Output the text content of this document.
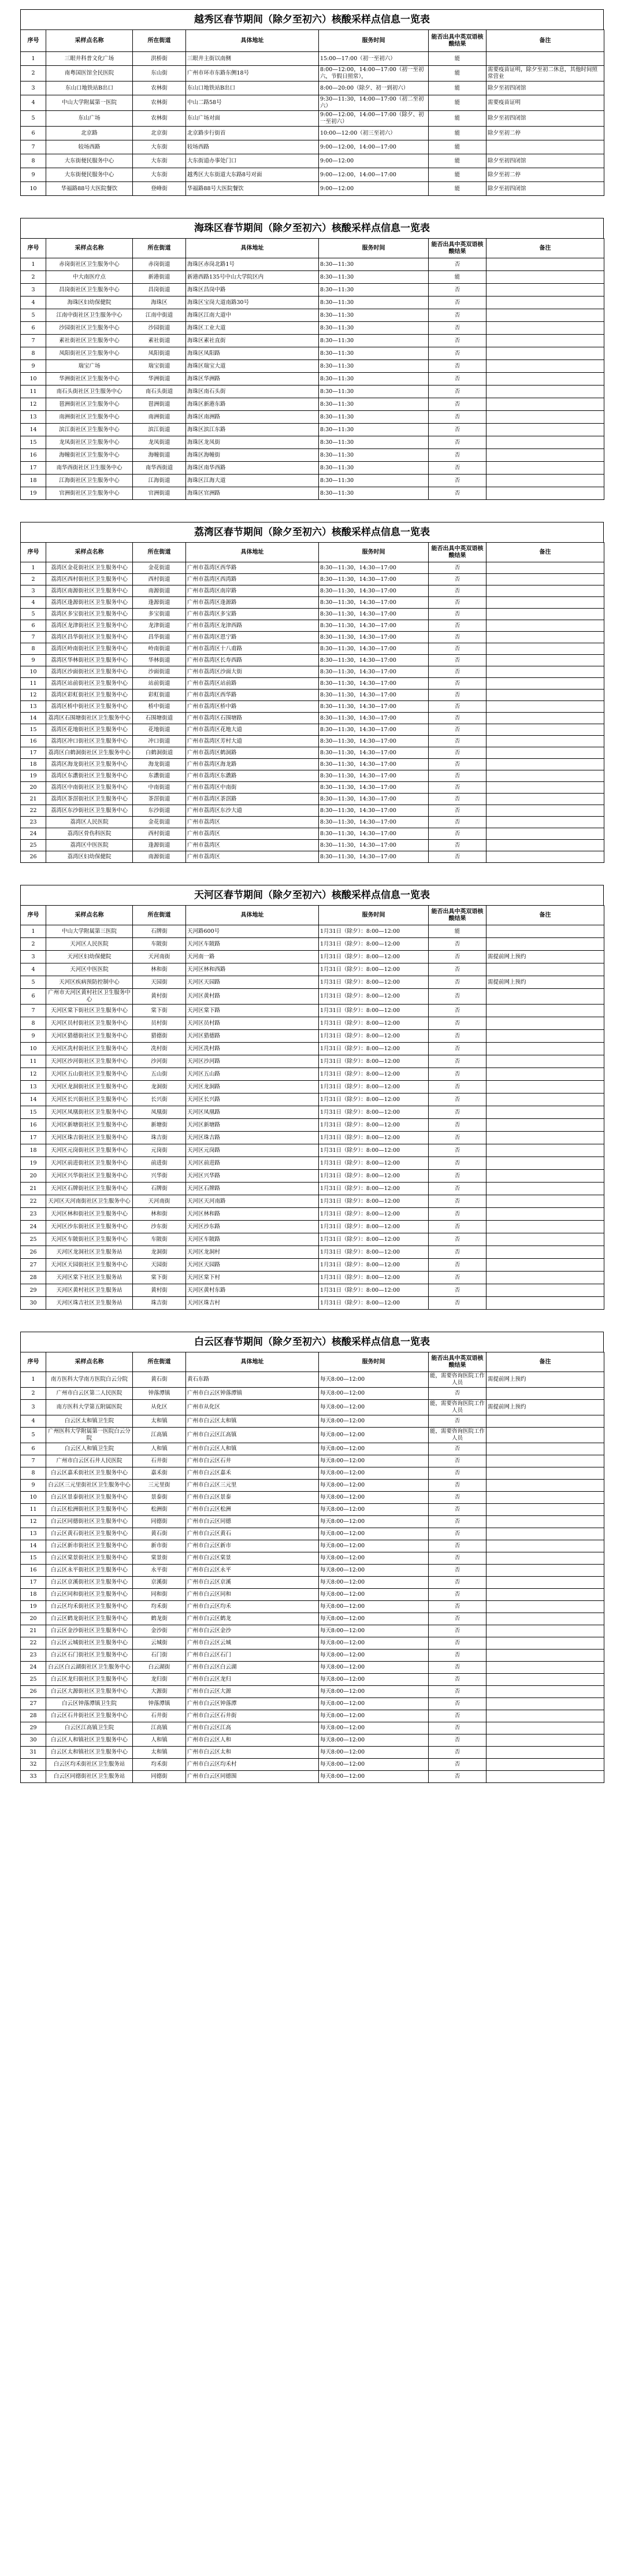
越秀区春节期间（除夕至初六）核酸采样点信息一览表
序号	采样点名称	所在街道	具体地址	服务时间	能否出具中英双语核酸结果	备注
1	三眼井科普文化广场	洪桥街	三眼井主街以南侧	15:00—17:00（初一至初六）	能	
2	南粤国医馆全民医院	东山街	广州市环市东路东侧18号	8:00—12:00，14:00—17:00（初一至初六，节假日照常），	能	需要疫苗证明，除夕至初二休息，其他时间照常营业
3	东山口地铁站B出口	农林街	东山口地铁站B出口	8:00—20:00（除夕、初一到初六）	能	除夕至初四闭馆
4	中山大学附属第一医院	农林街	中山二路58号	9:30—11:30，14:00—17:00（初二至初六）	能	需要疫苗证明
5	东山广场	农林街	东山广场对面	9:00—12:00，14:00—17:00（除夕、初一至初六）	能	除夕至初四闭馆
6	北京路	北京街	北京路步行街首	10:00—12:00（初三至初六）	能	除夕至初二停
7	较场西路	大东街	较场西路	9:00—12:00，14:00—17:00	能	
8	大东街便民服务中心	大东街	大东街道办事处门口	9:00—12:00	能	除夕至初四闭馆
9	大东街便民服务中心	大东街	越秀区大东街道大东路8号对面	9:00—12:00，14:00—17:00	能	除夕至初二停
10	华福路88号大医院餐饮	登峰街	华福路88号大医院餐饮	9:00—12:00	能	除夕至初四闭馆
海珠区春节期间（除夕至初六）核酸采样点信息一览表
序号	采样点名称	所在街道	具体地址	服务时间	能否出具中英双语核酸结果	备注
1	赤岗街社区卫生服务中心	赤岗街道	海珠区赤岗北路1号	8:30—11:30	否	
2	中大南医疗点	新港街道	新港西路135号中山大学院区内	8:30—11:30	能	
3	昌岗街社区卫生服务中心	昌岗街道	海珠区昌岗中路	8:30—11:30	否	
4	海珠区妇幼保健院	海珠区	海珠区宝岗大道南路30号	8:30—11:30	否	
5	江南中街社区卫生服务中心	江南中街道	海珠区江南大道中	8:30—11:30	否	
6	沙园街社区卫生服务中心	沙园街道	海珠区工业大道	8:30—11:30	否	
7	素社街社区卫生服务中心	素社街道	海珠区素社直街	8:30—11:30	否	
8	凤阳街社区卫生服务中心	凤阳街道	海珠区凤阳路	8:30—11:30	否	
9	瑞宝广场	瑞宝街道	海珠区瑞宝大道	8:30—11:30	否	
10	华洲街社区卫生服务中心	华洲街道	海珠区华洲路	8:30—11:30	否	
11	南石头街社区卫生服务中心	南石头街道	海珠区南石头街	8:30—11:30	否	
12	琶洲街社区卫生服务中心	琶洲街道	海珠区新港东路	8:30—11:30	否	
13	南洲街社区卫生服务中心	南洲街道	海珠区南洲路	8:30—11:30	否	
14	滨江街社区卫生服务中心	滨江街道	海珠区滨江东路	8:30—11:30	否	
15	龙凤街社区卫生服务中心	龙凤街道	海珠区龙凤街	8:30—11:30	否	
16	海幢街社区卫生服务中心	海幢街道	海珠区海幢街	8:30—11:30	否	
17	南华西街社区卫生服务中心	南华西街道	海珠区南华西路	8:30—11:30	否	
18	江海街社区卫生服务中心	江海街道	海珠区江海大道	8:30—11:30	否	
19	官洲街社区卫生服务中心	官洲街道	海珠区官洲路	8:30—11:30	否	
荔湾区春节期间（除夕至初六）核酸采样点信息一览表
序号	采样点名称	所在街道	具体地址	服务时间	能否出具中英双语核酸结果	备注
1	荔湾区金花街社区卫生服务中心	金花街道	广州市荔湾区西华路	8:30—11:30，14:30—17:00	否	
2	荔湾区西村街社区卫生服务中心	西村街道	广州市荔湾区西湾路	8:30—11:30，14:30—17:00	否	
3	荔湾区南源街社区卫生服务中心	南源街道	广州市荔湾区南岸路	8:30—11:30，14:30—17:00	否	
4	荔湾区逢源街社区卫生服务中心	逢源街道	广州市荔湾区逢源路	8:30—11:30，14:30—17:00	否	
5	荔湾区多宝街社区卫生服务中心	多宝街道	广州市荔湾区多宝路	8:30—11:30，14:30—17:00	否	
6	荔湾区龙津街社区卫生服务中心	龙津街道	广州市荔湾区龙津西路	8:30—11:30，14:30—17:00	否	
7	荔湾区昌华街社区卫生服务中心	昌华街道	广州市荔湾区恩宁路	8:30—11:30，14:30—17:00	否	
8	荔湾区岭南街社区卫生服务中心	岭南街道	广州市荔湾区十八甫路	8:30—11:30，14:30—17:00	否	
9	荔湾区华林街社区卫生服务中心	华林街道	广州市荔湾区长寿西路	8:30—11:30，14:30—17:00	否	
10	荔湾区沙面街社区卫生服务中心	沙面街道	广州市荔湾区沙面大街	8:30—11:30，14:30—17:00	否	
11	荔湾区站前街社区卫生服务中心	站前街道	广州市荔湾区站前路	8:30—11:30，14:30—17:00	否	
12	荔湾区彩虹街社区卫生服务中心	彩虹街道	广州市荔湾区西华路	8:30—11:30，14:30—17:00	否	
13	荔湾区桥中街社区卫生服务中心	桥中街道	广州市荔湾区桥中路	8:30—11:30，14:30—17:00	否	
14	荔湾区石围塘街社区卫生服务中心	石围塘街道	广州市荔湾区石围塘路	8:30—11:30，14:30—17:00	否	
15	荔湾区花地街社区卫生服务中心	花地街道	广州市荔湾区花地大道	8:30—11:30，14:30—17:00	否	
16	荔湾区冲口街社区卫生服务中心	冲口街道	广州市荔湾区芳村大道	8:30—11:30，14:30—17:00	否	
17	荔湾区白鹤洞街社区卫生服务中心	白鹤洞街道	广州市荔湾区鹤洞路	8:30—11:30，14:30—17:00	否	
18	荔湾区海龙街社区卫生服务中心	海龙街道	广州市荔湾区海龙路	8:30—11:30，14:30—17:00	否	
19	荔湾区东漖街社区卫生服务中心	东漖街道	广州市荔湾区东漖路	8:30—11:30，14:30—17:00	否	
20	荔湾区中南街社区卫生服务中心	中南街道	广州市荔湾区中南街	8:30—11:30，14:30—17:00	否	
21	荔湾区茶滘街社区卫生服务中心	茶滘街道	广州市荔湾区茶滘路	8:30—11:30，14:30—17:00	否	
22	荔湾区东沙街社区卫生服务中心	东沙街道	广州市荔湾区东沙大道	8:30—11:30，14:30—17:00	否	
23	荔湾区人民医院	金花街道	广州市荔湾区	8:30—11:30，14:30—17:00	否	
24	荔湾区骨伤科医院	西村街道	广州市荔湾区	8:30—11:30，14:30—17:00	否	
25	荔湾区中医医院	逢源街道	广州市荔湾区	8:30—11:30，14:30—17:00	否	
26	荔湾区妇幼保健院	南源街道	广州市荔湾区	8:30—11:30，14:30—17:00	否	
天河区春节期间（除夕至初六）核酸采样点信息一览表
序号	采样点名称	所在街道	具体地址	服务时间	能否出具中英双语核酸结果	备注
1	中山大学附属第三医院	石牌街	天河路600号	1月31日（除夕）：8:00—12:00	能	
2	天河区人民医院	车陂街	天河区车陂路	1月31日（除夕）：8:00—12:00	否	
3	天河区妇幼保健院	天河南街	天河南一路	1月31日（除夕）：8:00—12:00	否	需提前网上预约
4	天河区中医医院	林和街	天河区林和西路	1月31日（除夕）：8:00—12:00	否	
5	天河区疾病预防控制中心	天园街	天河区天园路	1月31日（除夕）：8:00—12:00	否	需提前网上预约
6	广州市天河区黄村社区卫生服务中心	黄村街	天河区黄村路	1月31日（除夕）：8:00—12:00	否	
7	天河区棠下街社区卫生服务中心	棠下街	天河区棠下路	1月31日（除夕）：8:00—12:00	否	
8	天河区员村街社区卫生服务中心	员村街	天河区员村路	1月31日（除夕）：8:00—12:00	否	
9	天河区猎德街社区卫生服务中心	猎德街	天河区猎德路	1月31日（除夕）：8:00—12:00	否	
10	天河区冼村街社区卫生服务中心	冼村街	天河区冼村路	1月31日（除夕）：8:00—12:00	否	
11	天河区沙河街社区卫生服务中心	沙河街	天河区沙河路	1月31日（除夕）：8:00—12:00	否	
12	天河区五山街社区卫生服务中心	五山街	天河区五山路	1月31日（除夕）：8:00—12:00	否	
13	天河区龙洞街社区卫生服务中心	龙洞街	天河区龙洞路	1月31日（除夕）：8:00—12:00	否	
14	天河区长兴街社区卫生服务中心	长兴街	天河区长兴路	1月31日（除夕）：8:00—12:00	否	
15	天河区凤凰街社区卫生服务中心	凤凰街	天河区凤凰路	1月31日（除夕）：8:00—12:00	否	
16	天河区新塘街社区卫生服务中心	新塘街	天河区新塘路	1月31日（除夕）：8:00—12:00	否	
17	天河区珠吉街社区卫生服务中心	珠吉街	天河区珠吉路	1月31日（除夕）：8:00—12:00	否	
18	天河区元岗街社区卫生服务中心	元岗街	天河区元岗路	1月31日（除夕）：8:00—12:00	否	
19	天河区前进街社区卫生服务中心	前进街	天河区前进路	1月31日（除夕）：8:00—12:00	否	
20	天河区兴华街社区卫生服务中心	兴华街	天河区兴华路	1月31日（除夕）：8:00—12:00	否	
21	天河区石牌街社区卫生服务中心	石牌街	天河区石牌路	1月31日（除夕）：8:00—12:00	否	
22	天河区天河南街社区卫生服务中心	天河南街	天河区天河南路	1月31日（除夕）：8:00—12:00	否	
23	天河区林和街社区卫生服务中心	林和街	天河区林和路	1月31日（除夕）：8:00—12:00	否	
24	天河区沙东街社区卫生服务中心	沙东街	天河区沙东路	1月31日（除夕）：8:00—12:00	否	
25	天河区车陂街社区卫生服务中心	车陂街	天河区车陂路	1月31日（除夕）：8:00—12:00	否	
26	天河区龙洞社区卫生服务站	龙洞街	天河区龙洞村	1月31日（除夕）：8:00—12:00	否	
27	天河区天园街社区卫生服务中心	天园街	天河区天园路	1月31日（除夕）：8:00—12:00	否	
28	天河区棠下社区卫生服务站	棠下街	天河区棠下村	1月31日（除夕）：8:00—12:00	否	
29	天河区黄村社区卫生服务站	黄村街	天河区黄村东路	1月31日（除夕）：8:00—12:00	否	
30	天河区珠吉社区卫生服务站	珠吉街	天河区珠吉村	1月31日（除夕）：8:00—12:00	否	
白云区春节期间（除夕至初六）核酸采样点信息一览表
序号	采样点名称	所在街道	具体地址	服务时间	能否出具中英双语核酸结果	备注
1	南方医科大学南方医院白云分院	黄石街	黄石东路	每天8:00—12:00	能，需要咨询医院工作人员	需提前网上预约
2	广州市白云区第二人民医院	钟落潭镇	广州市白云区钟落潭镇	每天8:00—12:00	否	
3	南方医科大学第五附属医院	从化区	广州市从化区	每天8:00—12:00	能，需要咨询医院工作人员	需提前网上预约
4	白云区太和镇卫生院	太和镇	广州市白云区太和镇	每天8:00—12:00	否	
5	广州医科大学附属第一医院白云分院	江高镇	广州市白云区江高镇	每天8:00—12:00	能，需要咨询医院工作人员	
6	白云区人和镇卫生院	人和镇	广州市白云区人和镇	每天8:00—12:00	否	
7	广州市白云区石井人民医院	石井街	广州市白云区石井	每天8:00—12:00	否	
8	白云区嘉禾街社区卫生服务中心	嘉禾街	广州市白云区嘉禾	每天8:00—12:00	否	
9	白云区三元里街社区卫生服务中心	三元里街	广州市白云区三元里	每天8:00—12:00	否	
10	白云区景泰街社区卫生服务中心	景泰街	广州市白云区景泰	每天8:00—12:00	否	
11	白云区松洲街社区卫生服务中心	松洲街	广州市白云区松洲	每天8:00—12:00	否	
12	白云区同德街社区卫生服务中心	同德街	广州市白云区同德	每天8:00—12:00	否	
13	白云区黄石街社区卫生服务中心	黄石街	广州市白云区黄石	每天8:00—12:00	否	
14	白云区新市街社区卫生服务中心	新市街	广州市白云区新市	每天8:00—12:00	否	
15	白云区棠景街社区卫生服务中心	棠景街	广州市白云区棠景	每天8:00—12:00	否	
16	白云区永平街社区卫生服务中心	永平街	广州市白云区永平	每天8:00—12:00	否	
17	白云区京溪街社区卫生服务中心	京溪街	广州市白云区京溪	每天8:00—12:00	否	
18	白云区同和街社区卫生服务中心	同和街	广州市白云区同和	每天8:00—12:00	否	
19	白云区均禾街社区卫生服务中心	均禾街	广州市白云区均禾	每天8:00—12:00	否	
20	白云区鹤龙街社区卫生服务中心	鹤龙街	广州市白云区鹤龙	每天8:00—12:00	否	
21	白云区金沙街社区卫生服务中心	金沙街	广州市白云区金沙	每天8:00—12:00	否	
22	白云区云城街社区卫生服务中心	云城街	广州市白云区云城	每天8:00—12:00	否	
23	白云区石门街社区卫生服务中心	石门街	广州市白云区石门	每天8:00—12:00	否	
24	白云区白云湖街社区卫生服务中心	白云湖街	广州市白云区白云湖	每天8:00—12:00	否	
25	白云区龙归街社区卫生服务中心	龙归街	广州市白云区龙归	每天8:00—12:00	否	
26	白云区大源街社区卫生服务中心	大源街	广州市白云区大源	每天8:00—12:00	否	
27	白云区钟落潭镇卫生院	钟落潭镇	广州市白云区钟落潭	每天8:00—12:00	否	
28	白云区石井街社区卫生服务中心	石井街	广州市白云区石井街	每天8:00—12:00	否	
29	白云区江高镇卫生院	江高镇	广州市白云区江高	每天8:00—12:00	否	
30	白云区人和镇社区卫生服务中心	人和镇	广州市白云区人和	每天8:00—12:00	否	
31	白云区太和镇社区卫生服务中心	太和镇	广州市白云区太和	每天8:00—12:00	否	
32	白云区均禾街社区卫生服务站	均禾街	广州市白云区均禾村	每天8:00—12:00	否	
33	白云区同德街社区卫生服务站	同德街	广州市白云区同德围	每天8:00—12:00	否	
